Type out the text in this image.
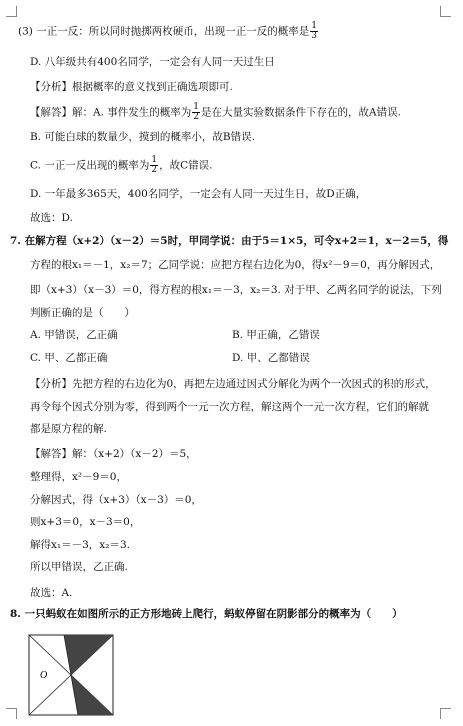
(3) 一正一反：所以同时抛掷两枚硬币，出现一正一反的概率是 $\frac{1}{3}$
D. 八年级共有400名同学，一定会有人同一天过生日
【分析】根据概率的意义找到正确选项即可.
【解答】解：A. 事件发生的概率为 $\frac{1}{2}$ 是在大量实验数据条件下存在的，故A错误.
B. 可能白球的数量少，摸到的概率小，故B错误.
C. 一正一反出现的概率为 $\frac{1}{2}$ ，故C错误.
D. 一年最多365天，400名同学，一定会有人同一天过生日，故D正确，
故选：D.
7. 在解方程（x+2）（x－2）＝5时，甲同学说：由于5＝1×5，可令x+2＝1，x－2＝5，得
方程的根x₁＝－1，x₂＝7；乙同学说：应把方程右边化为0，得x²－9＝0，再分解因式，
即（x+3）（x－3）＝0，得方程的根x₁＝－3，x₂＝3. 对于甲、乙两名同学的说法，下列
判断正确的是（　　）
A. 甲错误，乙正确	B. 甲正确，乙错误
C. 甲、乙都正确	D. 甲、乙都错误
【分析】先把方程的右边化为0，再把左边通过因式分解化为两个一次因式的积的形式，
再令每个因式分别为零，得到两个一元一次方程，解这两个一元一次方程，它们的解就
都是原方程的解.
【解答】解：（x+2）（x－2）＝5，
整理得，x²－9＝0，
分解因式，得（x+3）（x－3）＝0，
则x+3＝0，x－3＝0，
解得x₁＝－3，x₂＝3.
所以甲错误，乙正确.
故选：A.
8. 一只蚂蚁在如图所示的正方形地砖上爬行，蚂蚁停留在阴影部分的概率为（　　）
O
